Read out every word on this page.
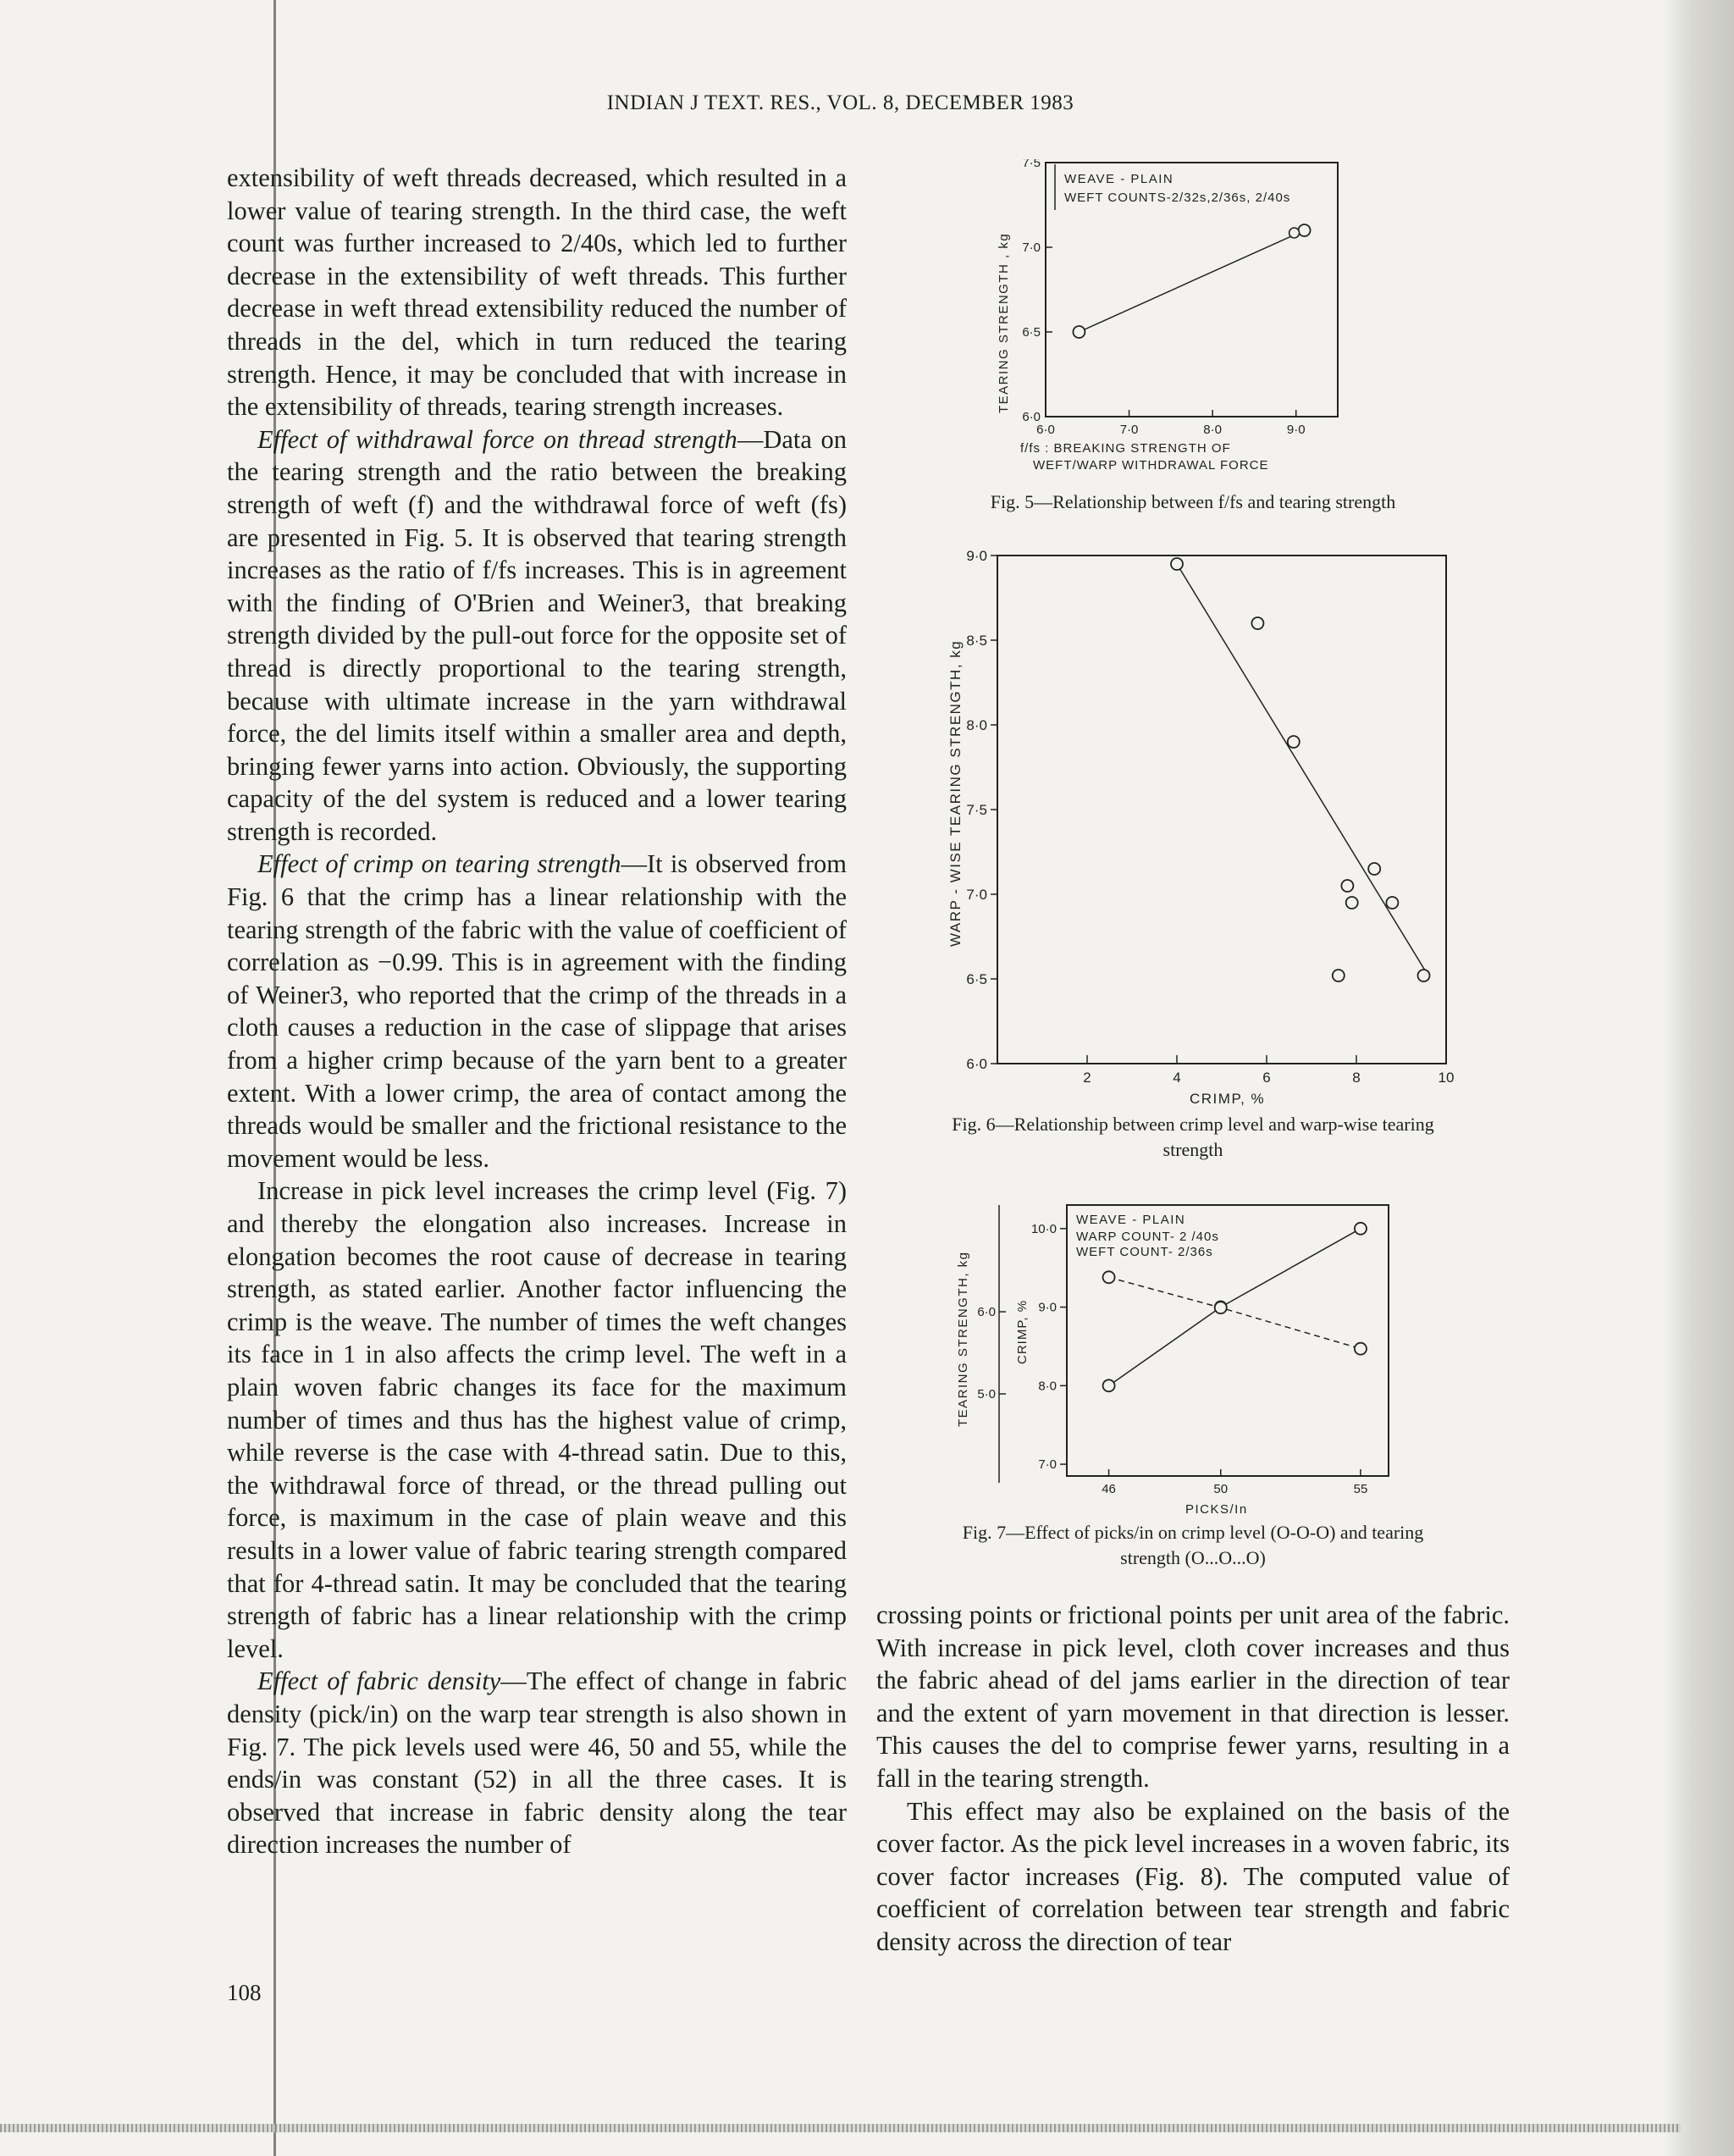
INDIAN J TEXT. RES., VOL. 8, DECEMBER 1983

extensibility of weft threads decreased, which resulted in a lower value of tearing strength. In the third case, the weft count was further increased to 2/40s, which led to further decrease in the extensibility of weft threads. This further decrease in weft thread extensibility reduced the number of threads in the del, which in turn reduced the tearing strength. Hence, it may be concluded that with increase in the extensibility of threads, tearing strength increases.

Effect of withdrawal force on thread strength—Data on the tearing strength and the ratio between the breaking strength of weft (f) and the withdrawal force of weft (fs) are presented in Fig. 5. It is observed that tearing strength increases as the ratio of f/fs increases. This is in agreement with the finding of O'Brien and Weiner3, that breaking strength divided by the pull-out force for the opposite set of thread is directly proportional to the tearing strength, because with ultimate increase in the yarn withdrawal force, the del limits itself within a smaller area and depth, bringing fewer yarns into action. Obviously, the supporting capacity of the del system is reduced and a lower tearing strength is recorded.

Effect of crimp on tearing strength—It is observed from Fig. 6 that the crimp has a linear relationship with the tearing strength of the fabric with the value of coefficient of correlation as −0.99. This is in agreement with the finding of Weiner3, who reported that the crimp of the threads in a cloth causes a reduction in the case of slippage that arises from a higher crimp because of the yarn bent to a greater extent. With a lower crimp, the area of contact among the threads would be smaller and the frictional resistance to the movement would be less.

Increase in pick level increases the crimp level (Fig. 7) and thereby the elongation also increases. Increase in elongation becomes the root cause of decrease in tearing strength, as stated earlier. Another factor influencing the crimp is the weave. The number of times the weft changes its face in 1 in also affects the crimp level. The weft in a plain woven fabric changes its face for the maximum number of times and thus has the highest value of crimp, while reverse is the case with 4-thread satin. Due to this, the withdrawal force of thread, or the thread pulling out force, is maximum in the case of plain weave and this results in a lower value of fabric tearing strength compared that for 4-thread satin. It may be concluded that the tearing strength of fabric has a linear relationship with the crimp level.

Effect of fabric density—The effect of change in fabric density (pick/in) on the warp tear strength is also shown in Fig. 7. The pick levels used were 46, 50 and 55, while the ends/in was constant (52) in all the three cases. It is observed that increase in fabric density along the tear direction increases the number of

crossing points or frictional points per unit area of the fabric. With increase in pick level, cloth cover increases and thus the fabric ahead of del jams earlier in the direction of tear and the extent of yarn movement in that direction is lesser. This causes the del to comprise fewer yarns, resulting in a fall in the tearing strength.

This effect may also be explained on the basis of the cover factor. As the pick level increases in a woven fabric, its cover factor increases (Fig. 8). The computed value of coefficient of correlation between tear strength and fabric density across the direction of tear

108
WEAVE - PLAIN
WEFT COUNTS-2/32s,2/36s, 2/40s
TEARING STRENGTH , kg
f/fs : BREAKING STRENGTH OF
WEFT/WARP WITHDRAWAL FORCE
6·0
6·5
7·0
7·5
6·0	7·0	8·0	9·0
Fig. 5—Relationship between f/fs and tearing strength
WARP - WISE TEARING STRENGTH, kg
CRIMP, %
6·0
6·5
7·0
7·5
8·0
8·5
9·0
2	4	6	8	10
Fig. 6—Relationship between crimp level and warp-wise tearing
strength
WEAVE - PLAIN
WARP COUNT- 2 /40s
WEFT COUNT- 2/36s
TEARING STRENGTH, kg	CRIMP, %
PICKS/In
7·0
8·0
9·0
10·0
5·0
6·0
46	50	55
Fig. 7—Effect of picks/in on crimp level (O-O-O) and tearing
strength (O...O...O)
